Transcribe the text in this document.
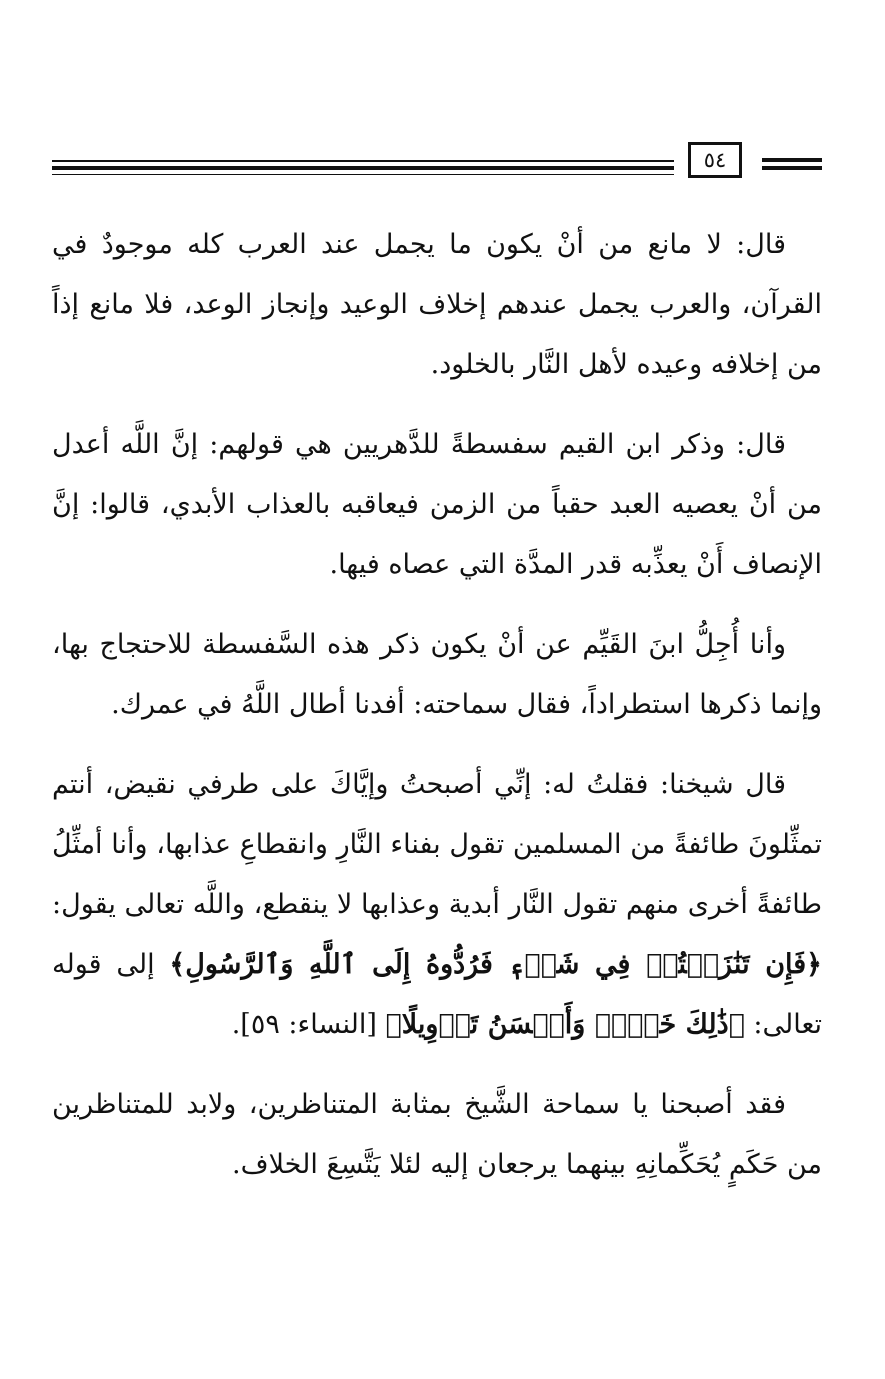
٥٤

قال: لا مانع من أنْ يكون ما يجمل عند العرب كله موجودٌ في القرآن، والعرب يجمل عندهم إخلاف الوعيد وإنجاز الوعد، فلا مانع إذاً من إخلافه وعيده لأهل النَّار بالخلود.

قال: وذكر ابن القيم سفسطةً للدَّهريين هي قولهم: إنَّ اللَّه أعدل من أنْ يعصيه العبد حقباً من الزمن فيعاقبه بالعذاب الأبدي، قالوا: إنَّ الإنصاف أَنْ يعذِّبه قدر المدَّة التي عصاه فيها.

وأنا أُجِلُّ ابنَ القَيِّم عن أنْ يكون ذكر هذه السَّفسطة للاحتجاج بها، وإنما ذكرها استطراداً، فقال سماحته: أفدنا أطال اللَّهُ في عمرك.

قال شيخنا: فقلتُ له: إنِّي أصبحتُ وإيَّاكَ على طرفي نقيض، أنتم تمثِّلونَ طائفةً من المسلمين تقول بفناء النَّارِ وانقطاعِ عذابها، وأنا أمثِّلُ طائفةً أخرى منهم تقول النَّار أبدية وعذابها لا ينقطع، واللَّه تعالى يقول: ﴿فَإِن تَنَٰزَعۡتُمۡ فِي شَيۡءٖ فَرُدُّوهُ إِلَى ٱللَّهِ وَٱلرَّسُولِ﴾ إلى قوله تعالى: ﴿ذَٰلِكَ خَيۡرٞ وَأَحۡسَنُ تَأۡوِيلًا﴾ [النساء: ٥٩].

فقد أصبحنا يا سماحة الشَّيخ بمثابة المتناظرين، ولابد للمتناظرين من حَكَمٍ يُحَكِّمانِهِ بينهما يرجعان إليه لئلا يَتَّسِعَ الخلاف.
